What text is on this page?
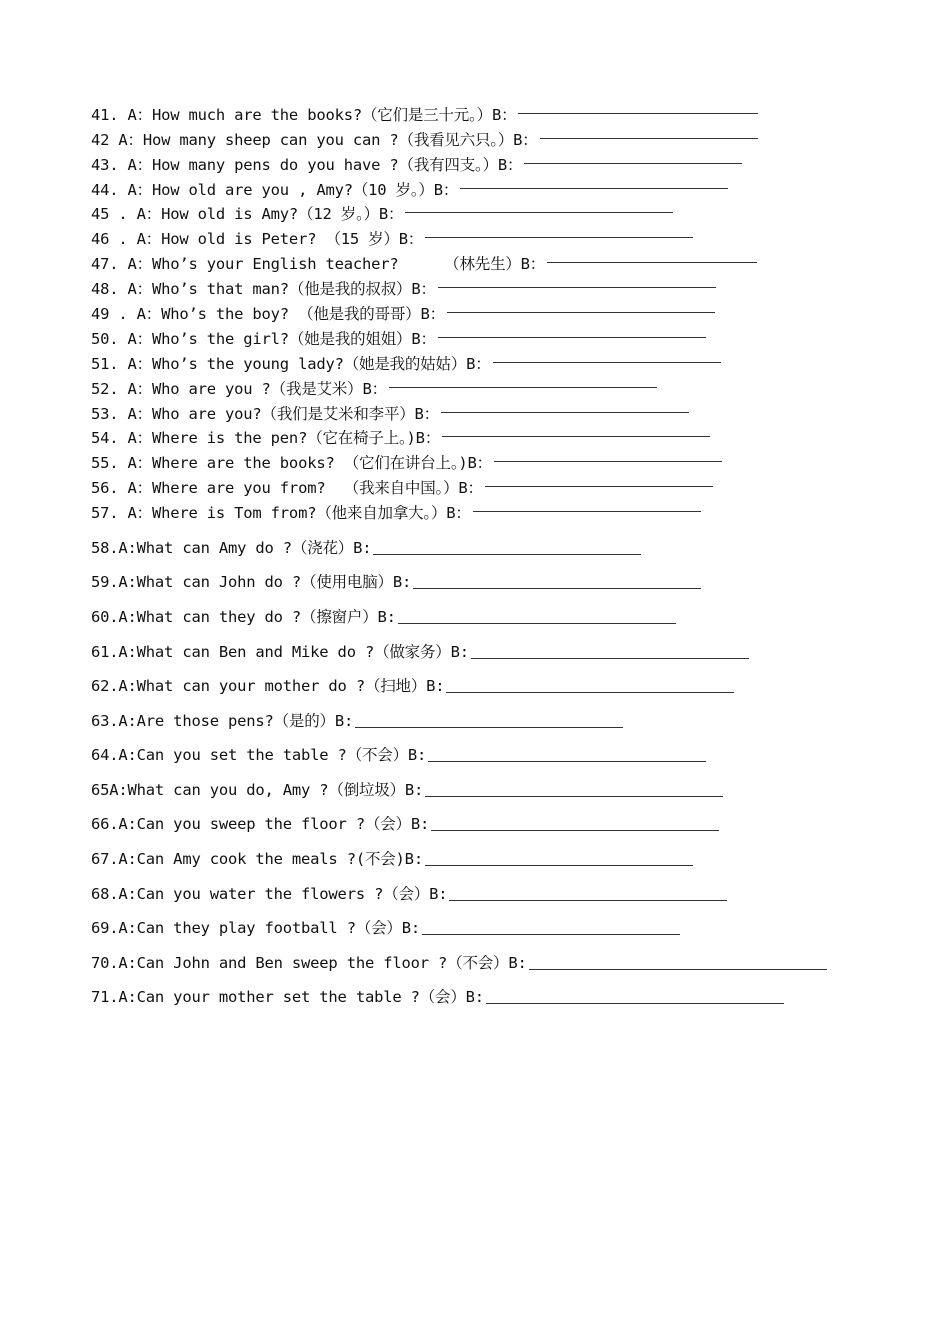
41. A：How much are the books?（它们是三十元。）B：
42 A：How many sheep can you can ?（我看见六只。）B：
43. A：How many pens do you have ?（我有四支。）B：
44. A：How old are you , Amy?（10 岁。）B：
45 . A：How old is Amy?（12 岁。）B：
46 . A：How old is Peter? （15 岁）B：
47. A：Who’s your English teacher?     （林先生）B：
48. A：Who’s that man?（他是我的叔叔）B：
49 . A：Who’s the boy? （他是我的哥哥）B：
50. A：Who’s the girl?（她是我的姐姐）B：
51. A：Who’s the young lady?（她是我的姑姑）B：
52. A：Who are you ?（我是艾米）B：
53. A：Who are you?（我们是艾米和李平）B：
54. A：Where is the pen?（它在椅子上。)B：
55. A：Where are the books? （它们在讲台上。)B：
56. A：Where are you from?  （我来自中国。）B：
57. A：Where is Tom from?（他来自加拿大。）B：
58.A:What can Amy do ?（浇花）B:
59.A:What can John do ?（使用电脑）B:
60.A:What can they do ?（擦窗户）B:
61.A:What can Ben and Mike do ?（做家务）B:
62.A:What can your mother do ?（扫地）B:
63.A:Are those pens?（是的）B:
64.A:Can you set the table ?（不会）B:
65A:What can you do, Amy ?（倒垃圾）B:
66.A:Can you sweep the floor ?（会）B:
67.A:Can Amy cook the meals ?(不会)B:
68.A:Can you water the flowers ?（会）B:
69.A:Can they play football ?（会）B:
70.A:Can John and Ben sweep the floor ?（不会）B:
71.A:Can your mother set the table ?（会）B:
